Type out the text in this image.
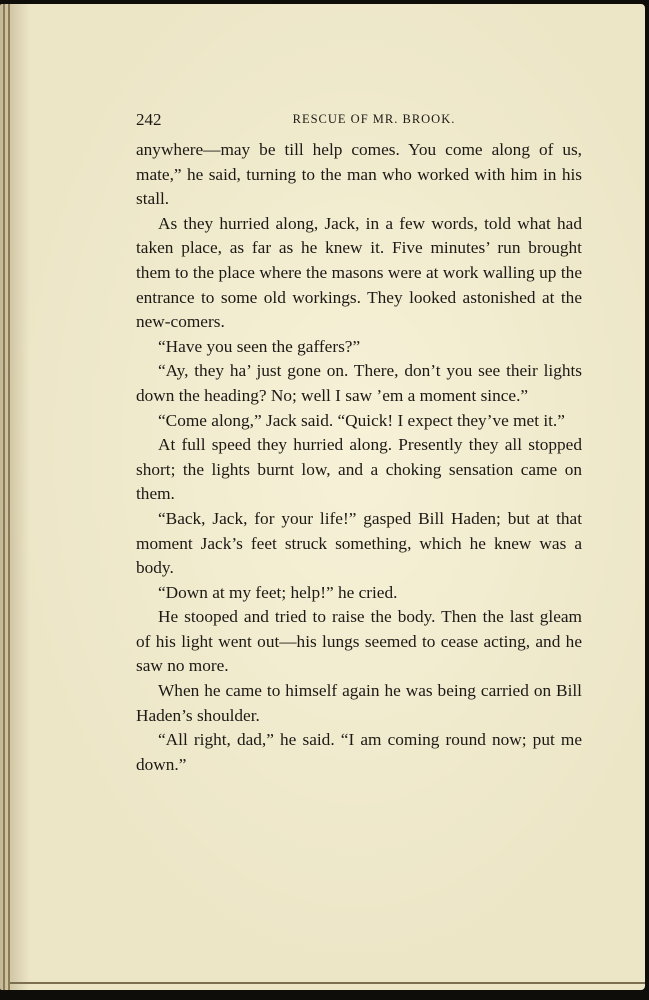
242	RESCUE OF MR. BROOK.

anywhere—may be till help comes. You come along of us, mate,” he said, turning to the man who worked with him in his stall.

As they hurried along, Jack, in a few words, told what had taken place, as far as he knew it. Five minutes’ run brought them to the place where the masons were at work walling up the entrance to some old workings. They looked astonished at the new-comers.

“Have you seen the gaffers?”

“Ay, they ha’ just gone on. There, don’t you see their lights down the heading? No; well I saw ’em a moment since.”

“Come along,” Jack said. “Quick! I expect they’ve met it.”

At full speed they hurried along. Presently they all stopped short; the lights burnt low, and a choking sensation came on them.

“Back, Jack, for your life!” gasped Bill Haden; but at that moment Jack’s feet struck something, which he knew was a body.

“Down at my feet; help!” he cried.

He stooped and tried to raise the body. Then the last gleam of his light went out—his lungs seemed to cease acting, and he saw no more.

When he came to himself again he was being carried on Bill Haden’s shoulder.

“All right, dad,” he said. “I am coming round now; put me down.”
